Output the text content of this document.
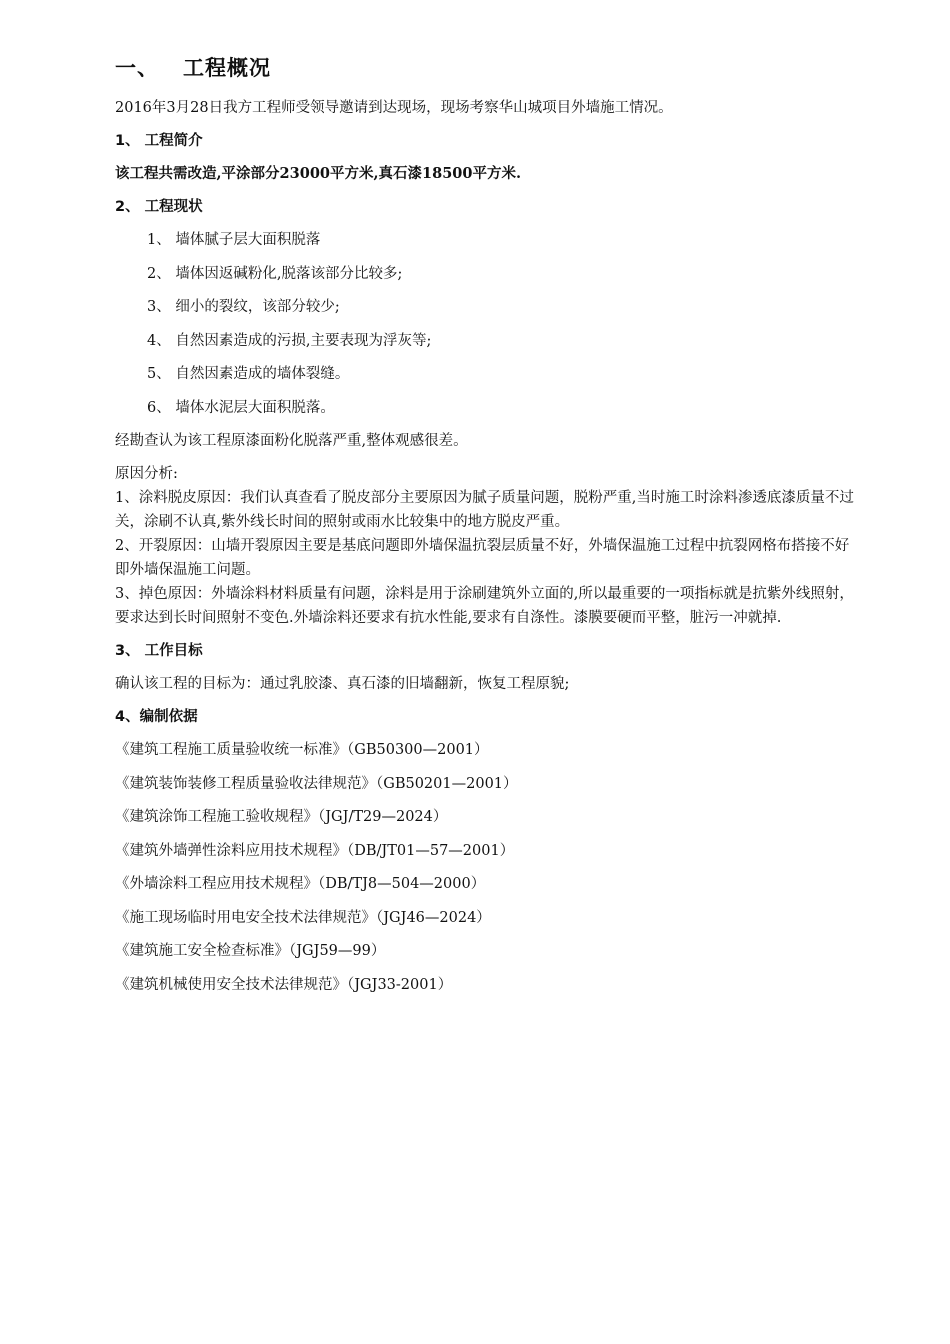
一、 工程概况

2016年3月28日我方工程师受领导邀请到达现场，现场考察华山城项目外墙施工情况。

1、 工程简介

该工程共需改造,平涂部分23000平方米,真石漆18500平方米.

2、 工程现状

1、 墙体腻子层大面积脱落
2、 墙体因返碱粉化,脱落该部分比较多;
3、 细小的裂纹，该部分较少;
4、 自然因素造成的污损,主要表现为浮灰等;
5、 自然因素造成的墙体裂缝。
6、 墙体水泥层大面积脱落。

经勘查认为该工程原漆面粉化脱落严重,整体观感很差。

原因分析:

1、涂料脱皮原因：我们认真查看了脱皮部分主要原因为腻子质量问题，脱粉严重,当时施工时涂料渗透底漆质量不过关，涂刷不认真,紫外线长时间的照射或雨水比较集中的地方脱皮严重。

2、开裂原因：山墙开裂原因主要是基底问题即外墙保温抗裂层质量不好，外墙保温施工过程中抗裂网格布搭接不好即外墙保温施工问题。

3、掉色原因：外墙涂料材料质量有问题，涂料是用于涂刷建筑外立面的,所以最重要的一项指标就是抗紫外线照射，要求达到长时间照射不变色.外墙涂料还要求有抗水性能,要求有自涤性。漆膜要硬而平整，脏污一冲就掉.

3、 工作目标

确认该工程的目标为：通过乳胶漆、真石漆的旧墙翻新，恢复工程原貌;

4、编制依据

《建筑工程施工质量验收统一标准》（GB50300—2001）

《建筑装饰装修工程质量验收法律规范》（GB50201—2001）

《建筑涂饰工程施工验收规程》（JGJ/T29—2024）

《建筑外墙弹性涂料应用技术规程》（DB/JT01—57—2001）

《外墙涂料工程应用技术规程》（DB/TJ8—504—2000）

《施工现场临时用电安全技术法律规范》（JGJ46—2024）

《建筑施工安全检查标准》（JGJ59—99）

《建筑机械使用安全技术法律规范》（JGJ33-2001）
